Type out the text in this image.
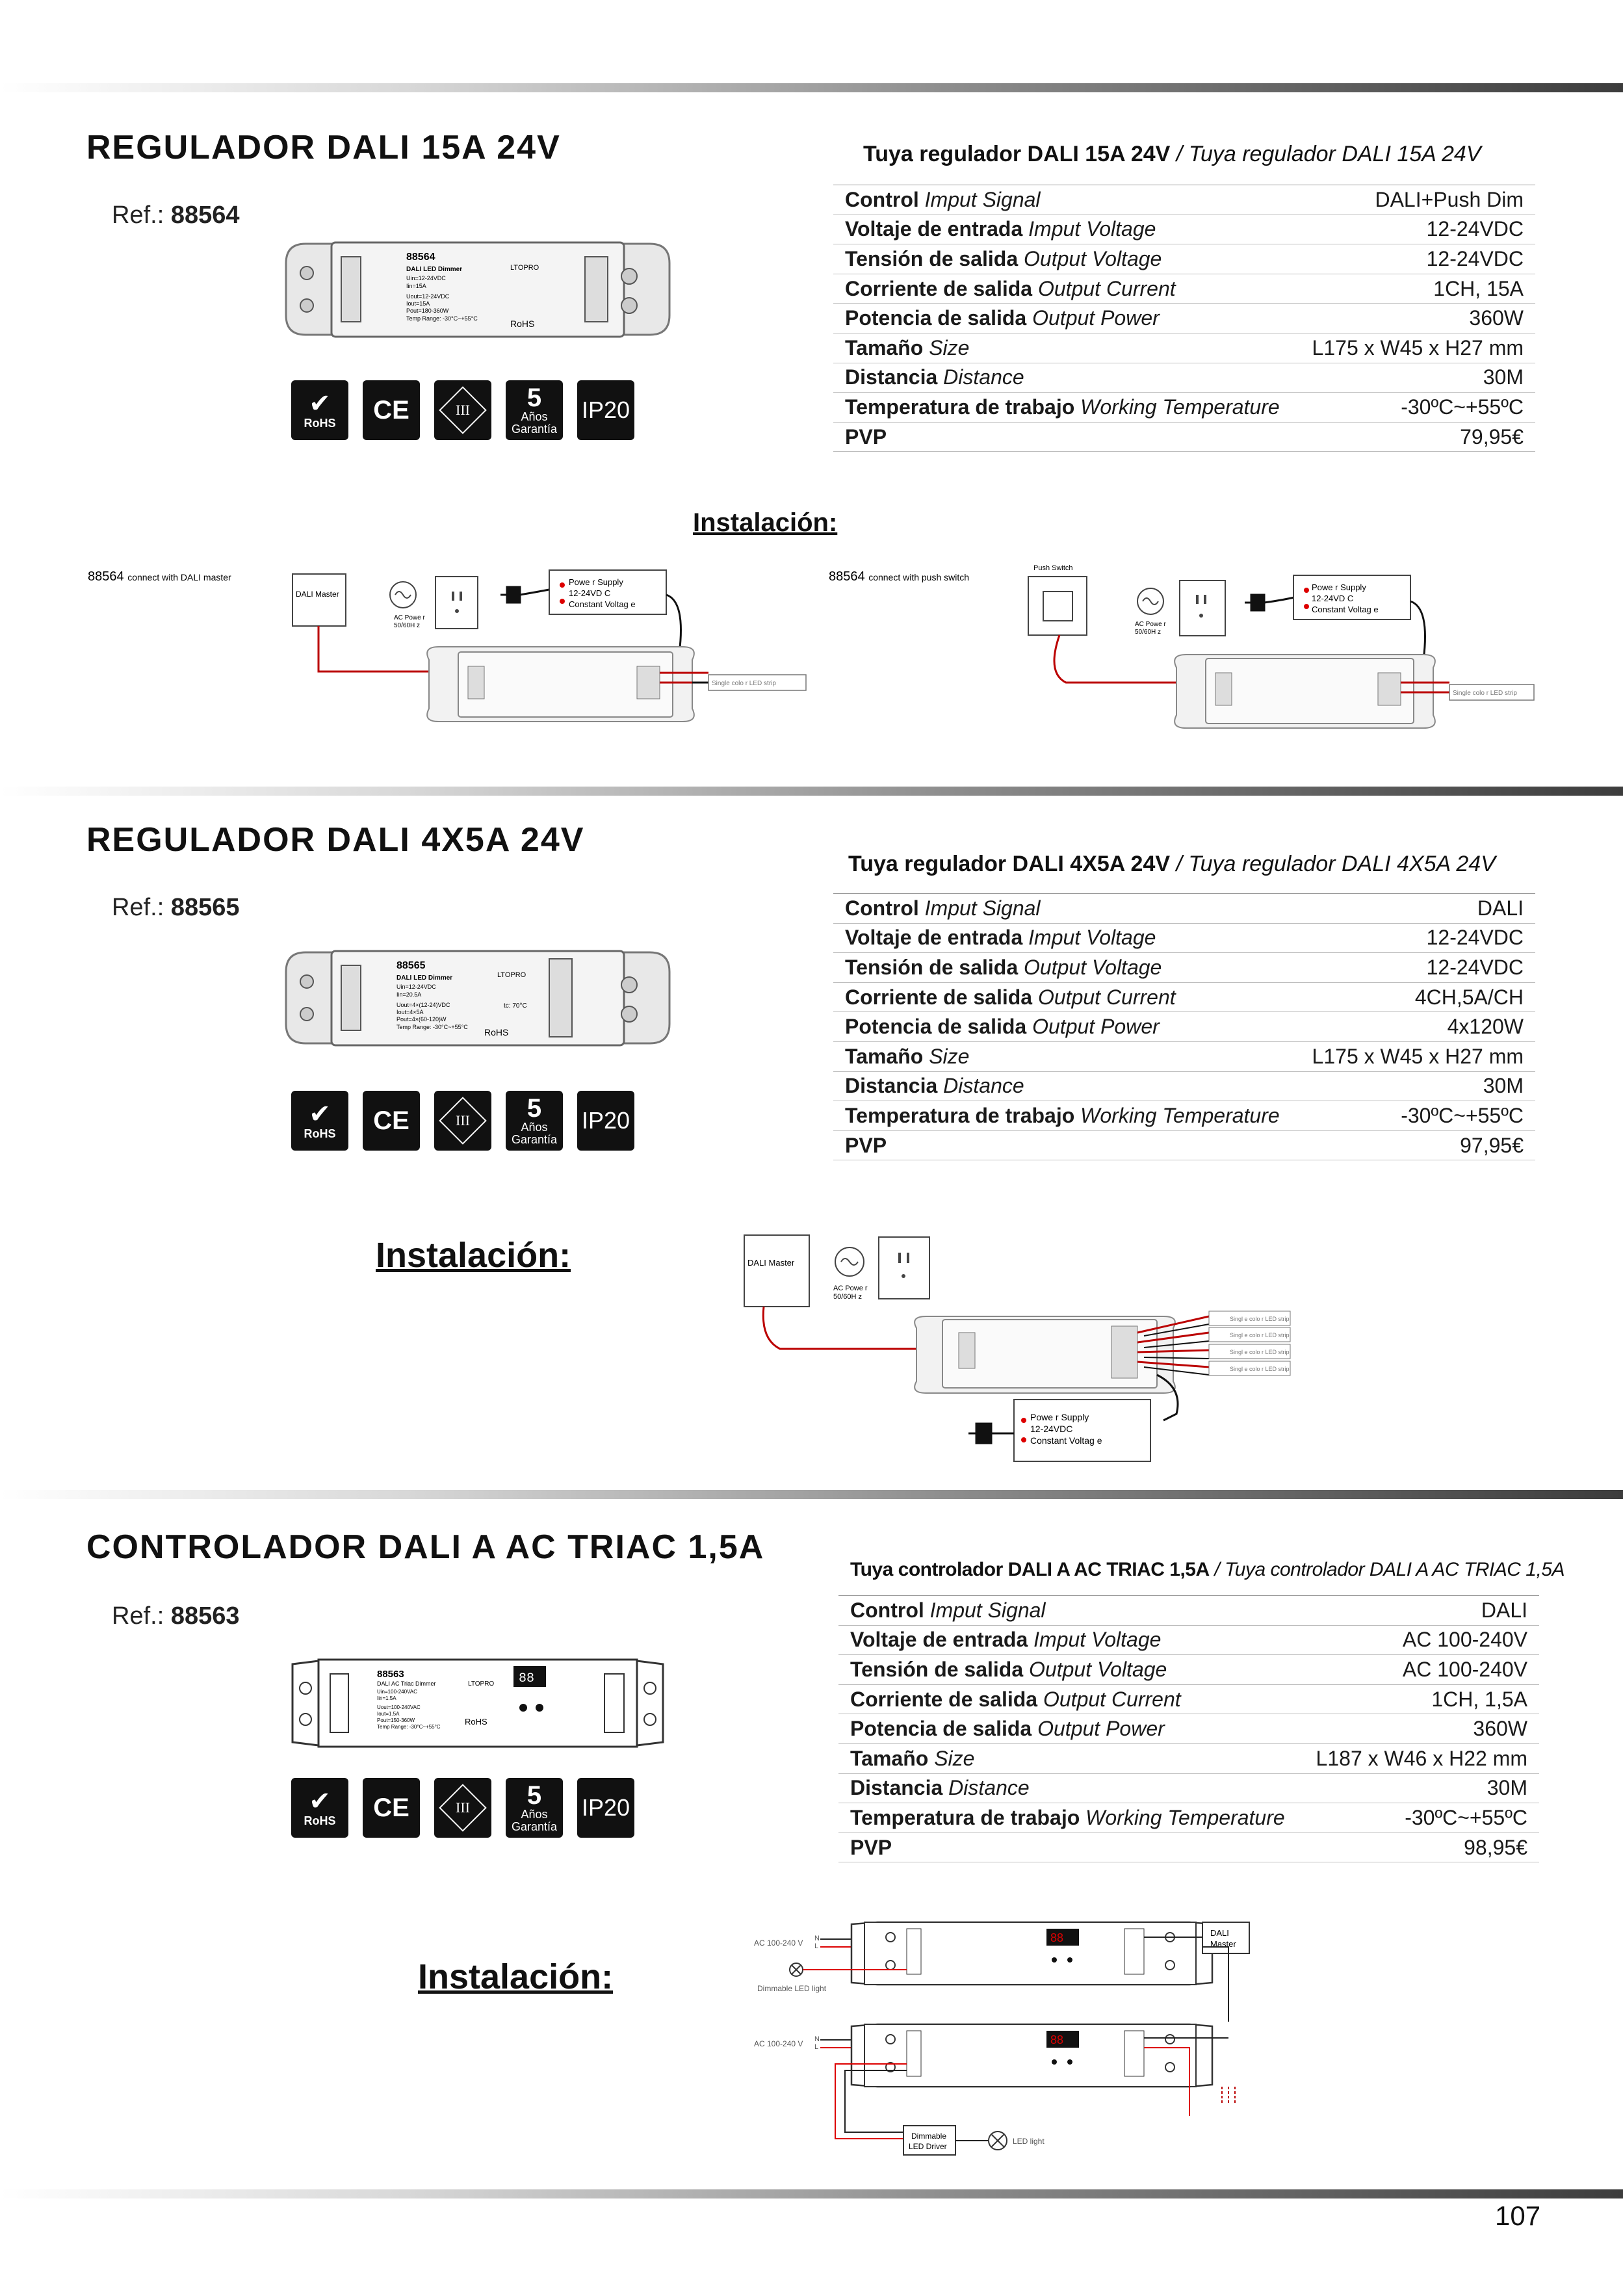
REGULADOR DALI 15A 24V
Ref.: 88564
Tuya regulador DALI 15A 24V / Tuya regulador DALI 15A 24V
Control Imput Signal	DALI+Push Dim
Voltaje de entrada Imput Voltage	12-24VDC
Tensión de salida Output Voltage	12-24VDC
Corriente de salida Output Current	1CH, 15A
Potencia de salida Output Power	360W
Tamaño Size	L175 x W45 x H27 mm
Distancia Distance	30M
Temperatura de trabajo Working Temperature	-30ºC~+55ºC
PVP	79,95€
88564
DALI LED Dimmer
Uin=12-24VDC
Iin=15A
Uout=12-24VDC
Iout=15A
Pout=180-360W
Temp Range: -30°C~+55°C
LTOPRO
RoHS
✔
RoHS CE	III 5
Años
Garantía
IP20
Instalación:
88564 connect with DALI master
DALI Master
AC Powe r
50/60H z
Powe r Supply
12-24VD C
Constant Voltag e
Single colo r LED strip
88564 connect with push switch
Push Switch
AC Powe r
50/60H z
Powe r Supply
12-24VD C
Constant Voltag e
Single colo r LED strip
REGULADOR DALI 4X5A 24V
Ref.: 88565
Tuya regulador DALI 4X5A 24V / Tuya regulador DALI 4X5A 24V
Control Imput Signal	DALI
Voltaje de entrada Imput Voltage	12-24VDC
Tensión de salida Output Voltage	12-24VDC
Corriente de salida Output Current	4CH,5A/CH
Potencia de salida Output Power	4x120W
Tamaño Size	L175 x W45 x H27 mm
Distancia Distance	30M
Temperatura de trabajo Working Temperature	-30ºC~+55ºC
PVP	97,95€
88565
DALI LED Dimmer
Uin=12-24VDC
Iin=20.5A
Uout=4×(12-24)VDC
Iout=4×5A
Pout=4×(60-120)W
Temp Range: -30°C~+55°C
LTOPRO
RoHS
tc: 70°C
✔
RoHS CE	III 5
Años
Garantía
IP20
Instalación:	DALI Master
AC Powe r
50/60H z
Singl e colo r LED strip
Singl e colo r LED strip
Singl e colo r LED strip
Singl e colo r LED strip
Powe r Supply
12-24VDC
Constant Voltag e
CONTROLADOR DALI A AC TRIAC 1,5A
Ref.: 88563
Tuya controlador DALI A AC TRIAC 1,5A / Tuya controlador DALI A AC TRIAC 1,5A
Control Imput Signal	DALI
Voltaje de entrada Imput Voltage	AC 100-240V
Tensión de salida Output Voltage	AC 100-240V
Corriente de salida Output Current	1CH, 1,5A
Potencia de salida Output Power	360W
Tamaño Size	L187 x W46 x H22 mm
Distancia Distance	30M
Temperatura de trabajo Working Temperature	-30ºC~+55ºC
PVP	98,95€
88563
DALI AC Triac Dimmer
Uin=100-240VAC
Iin=1.5A
Uout=100-240VAC
Iout=1.5A
Pout=150-360W
Temp Range: -30°C~+55°C
LTOPRO
RoHS
88
✔
RoHS CE	III 5
Años
Garantía
IP20
Instalación:
AC 100-240 V N
L
88	DALI
Master
Dimmable LED light
AC 100-240 V N
L
88
Dimmable
LED Driver
LED light
107
